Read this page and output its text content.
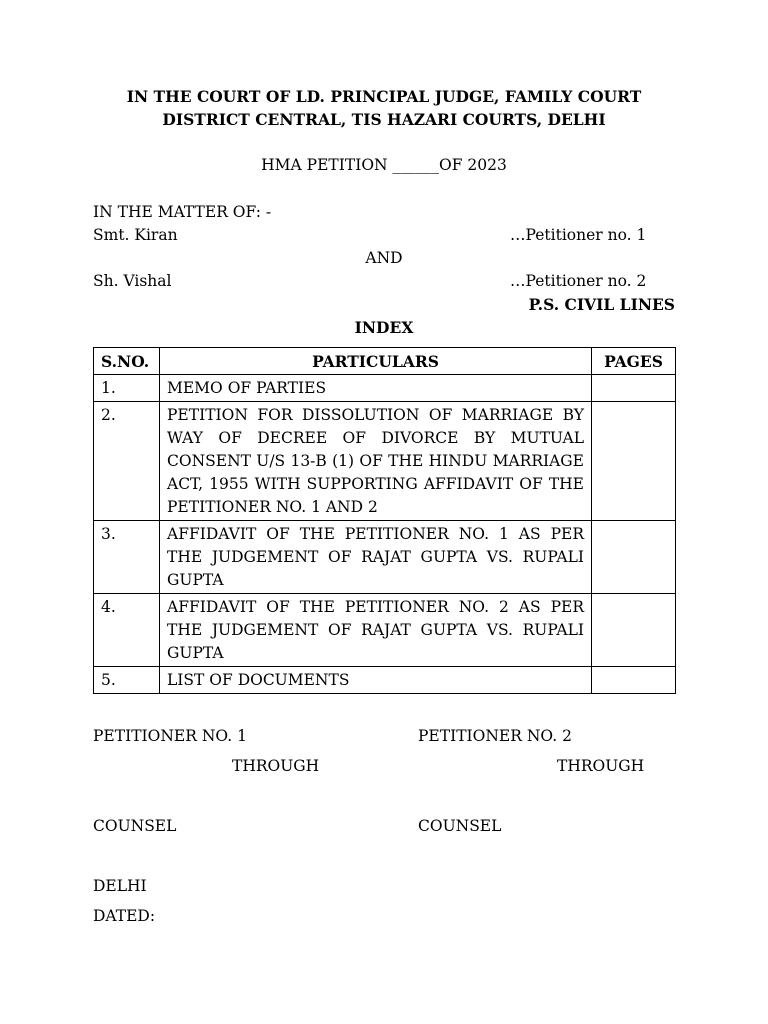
IN THE COURT OF LD. PRINCIPAL JUDGE, FAMILY COURT
DISTRICT CENTRAL, TIS HAZARI COURTS, DELHI
HMA PETITION ______OF 2023
IN THE MATTER OF: -
Smt. Kiran	…Petitioner no. 1
AND
Sh. Vishal	…Petitioner no. 2
P.S. CIVIL LINES
INDEX
S.NO.	PARTICULARS	PAGES
1.	MEMO OF PARTIES	
2.	PETITION FOR DISSOLUTION OF MARRIAGE BY WAY OF DECREE OF DIVORCE BY MUTUAL CONSENT U/S 13-B (1) OF THE HINDU MARRIAGE ACT, 1955 WITH SUPPORTING AFFIDAVIT OF THE PETITIONER NO. 1 AND 2	
3.	AFFIDAVIT OF THE PETITIONER NO. 1 AS PER THE JUDGEMENT OF RAJAT GUPTA VS. RUPALI GUPTA	
4.	AFFIDAVIT OF THE PETITIONER NO. 2 AS PER THE JUDGEMENT OF RAJAT GUPTA VS. RUPALI GUPTA	
5.	LIST OF DOCUMENTS	
PETITIONER NO. 1	PETITIONER NO. 2
THROUGH	THROUGH
COUNSEL	COUNSEL
DELHI
DATED:
